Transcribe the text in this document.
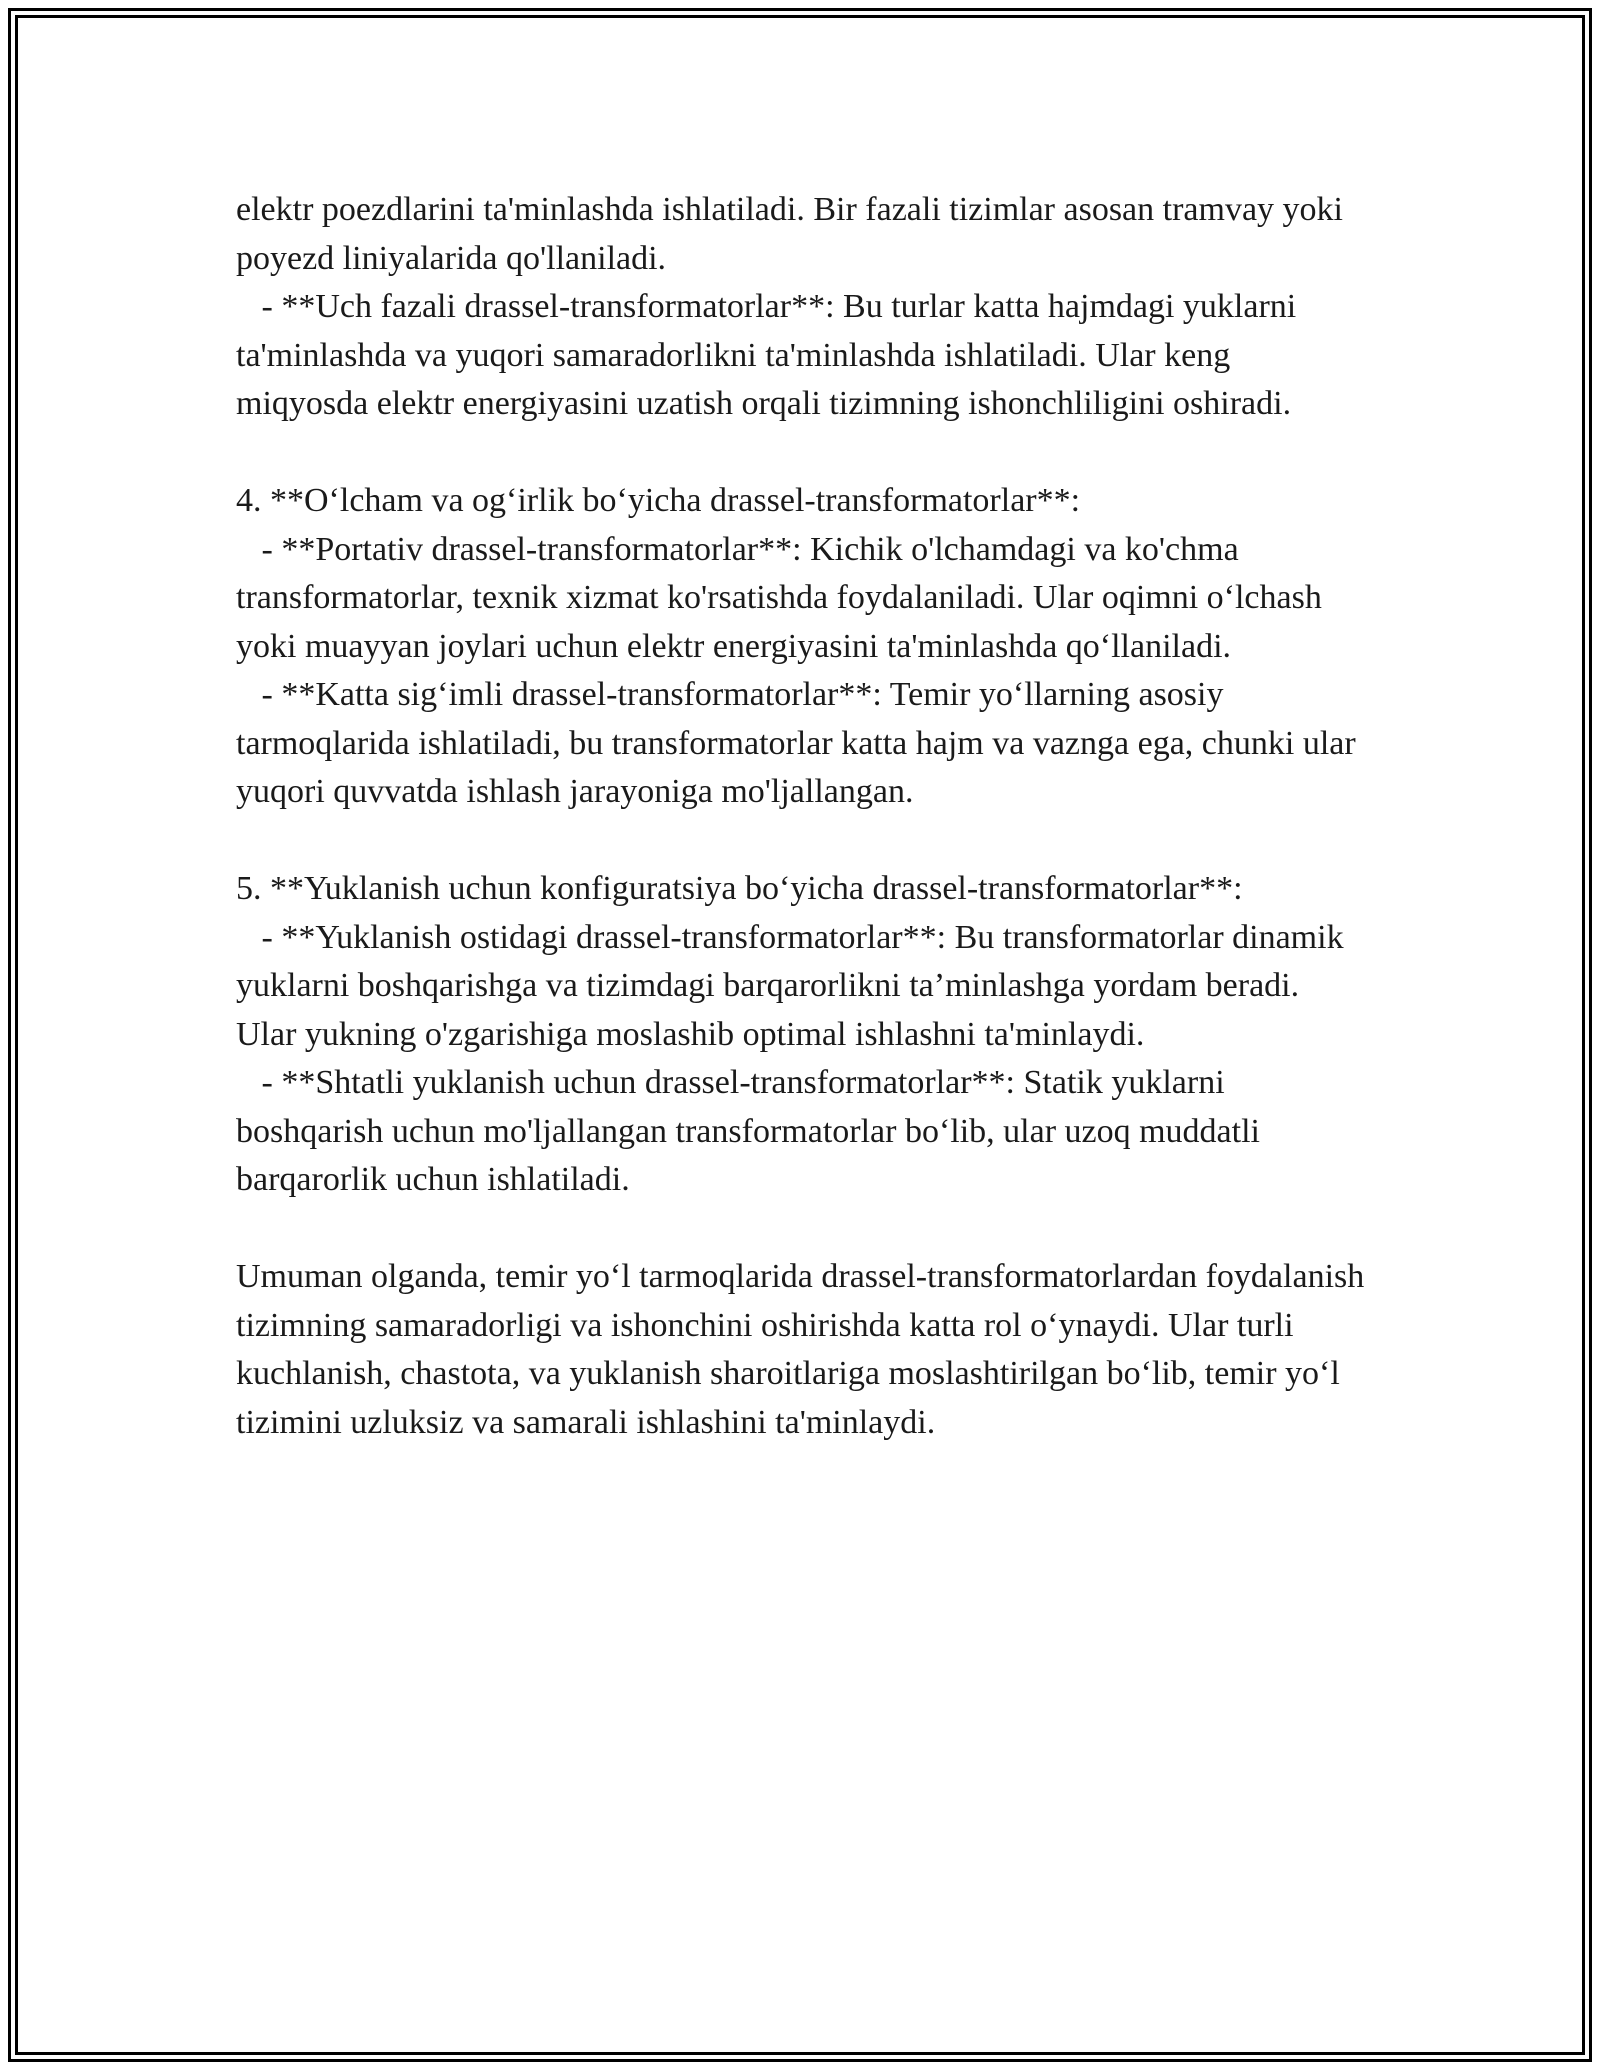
elektr poezdlarini ta'minlashda ishlatiladi. Bir fazali tizimlar asosan tramvay yoki poyezd liniyalarida qo'llaniladi.

- **Uch fazali drassel-transformatorlar**: Bu turlar katta hajmdagi yuklarni ta'minlashda va yuqori samaradorlikni ta'minlashda ishlatiladi. Ular keng miqyosda elektr energiyasini uzatish orqali tizimning ishonchliligini oshiradi.

4. **O‘lcham va og‘irlik bo‘yicha drassel-transformatorlar**:

- **Portativ drassel-transformatorlar**: Kichik o'lchamdagi va ko'chma transformatorlar, texnik xizmat ko'rsatishda foydalaniladi. Ular oqimni o‘lchash yoki muayyan joylari uchun elektr energiyasini ta'minlashda qo‘llaniladi.

- **Katta sig‘imli drassel-transformatorlar**: Temir yo‘llarning asosiy tarmoqlarida ishlatiladi, bu transformatorlar katta hajm va vaznga ega, chunki ular yuqori quvvatda ishlash jarayoniga mo'ljallangan.

5. **Yuklanish uchun konfiguratsiya bo‘yicha drassel-transformatorlar**:

- **Yuklanish ostidagi drassel-transformatorlar**: Bu transformatorlar dinamik yuklarni boshqarishga va tizimdagi barqarorlikni ta’minlashga yordam beradi. Ular yukning o'zgarishiga moslashib optimal ishlashni ta'minlaydi.

- **Shtatli yuklanish uchun drassel-transformatorlar**: Statik yuklarni boshqarish uchun mo'ljallangan transformatorlar bo‘lib, ular uzoq muddatli barqarorlik uchun ishlatiladi.

Umuman olganda, temir yo‘l tarmoqlarida drassel-transformatorlardan foydalanish tizimning samaradorligi va ishonchini oshirishda katta rol o‘ynaydi. Ular turli kuchlanish, chastota, va yuklanish sharoitlariga moslashtirilgan bo‘lib, temir yo‘l tizimini uzluksiz va samarali ishlashini ta'minlaydi.
